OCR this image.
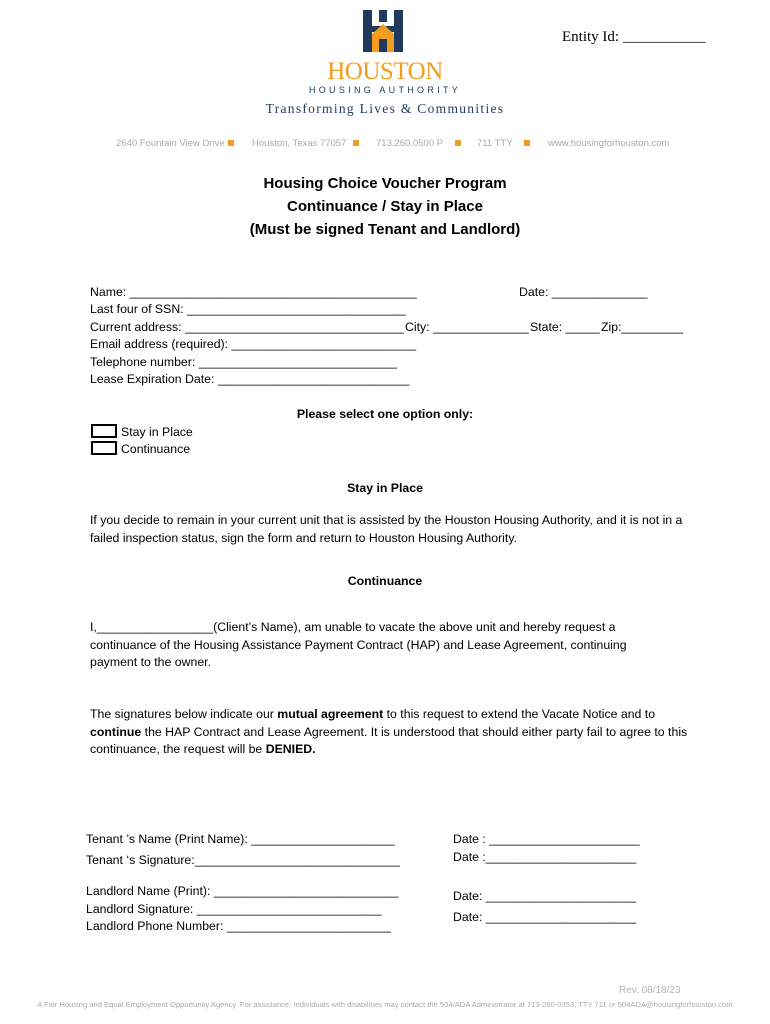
Entity Id: ___________
HOUSTON
HOUSING AUTHORITY
Transforming Lives & Communities
2640 Fountain View Drive	Houston, Texas 77057	713.260.0500 P	711 TTY	www.housingforhouston.com
Housing Choice Voucher Program
Continuance / Stay in Place
(Must be signed Tenant and Landlord)
Name: __________________________________________	Date: ______________
Last four of SSN: ________________________________
Current address: ________________________________ City: ______________ State: _____ Zip:_________
Email address (required): ___________________________
Telephone number: _____________________________
Lease Expiration Date: ____________________________
Please select one option only:
Stay in Place
Continuance
Stay in Place
If you decide to remain in your current unit that is assisted by the Houston Housing Authority, and it is not in a failed inspection status, sign the form and return to Houston Housing Authority.
Continuance
I,_________________(Client’s Name), am unable to vacate the above unit and hereby request a continuance of the Housing Assistance Payment Contract (HAP) and Lease Agreement, continuing payment to the owner.
The signatures below indicate our mutual agreement to this request to extend the Vacate Notice and to continue the HAP Contract and Lease Agreement. It is understood that should either party fail to agree to this continuance, the request will be DENIED.
Tenant ’s Name (Print Name): _____________________	Date : ______________________
Tenant ‘s Signature:______________________________	Date :______________________
Landlord Name (Print): ___________________________	Date: ______________________
Landlord Signature: ___________________________
Date: ______________________
Landlord Phone Number: ________________________
Rev. 08/18/23
A Fair Housing and Equal Employment Opportunity Agency. For assistance: Individuals with disabilities may contact the 504/ADA Administrator at 713-260-0353, TTY 711 or 504ADA@housingforhouston.com
